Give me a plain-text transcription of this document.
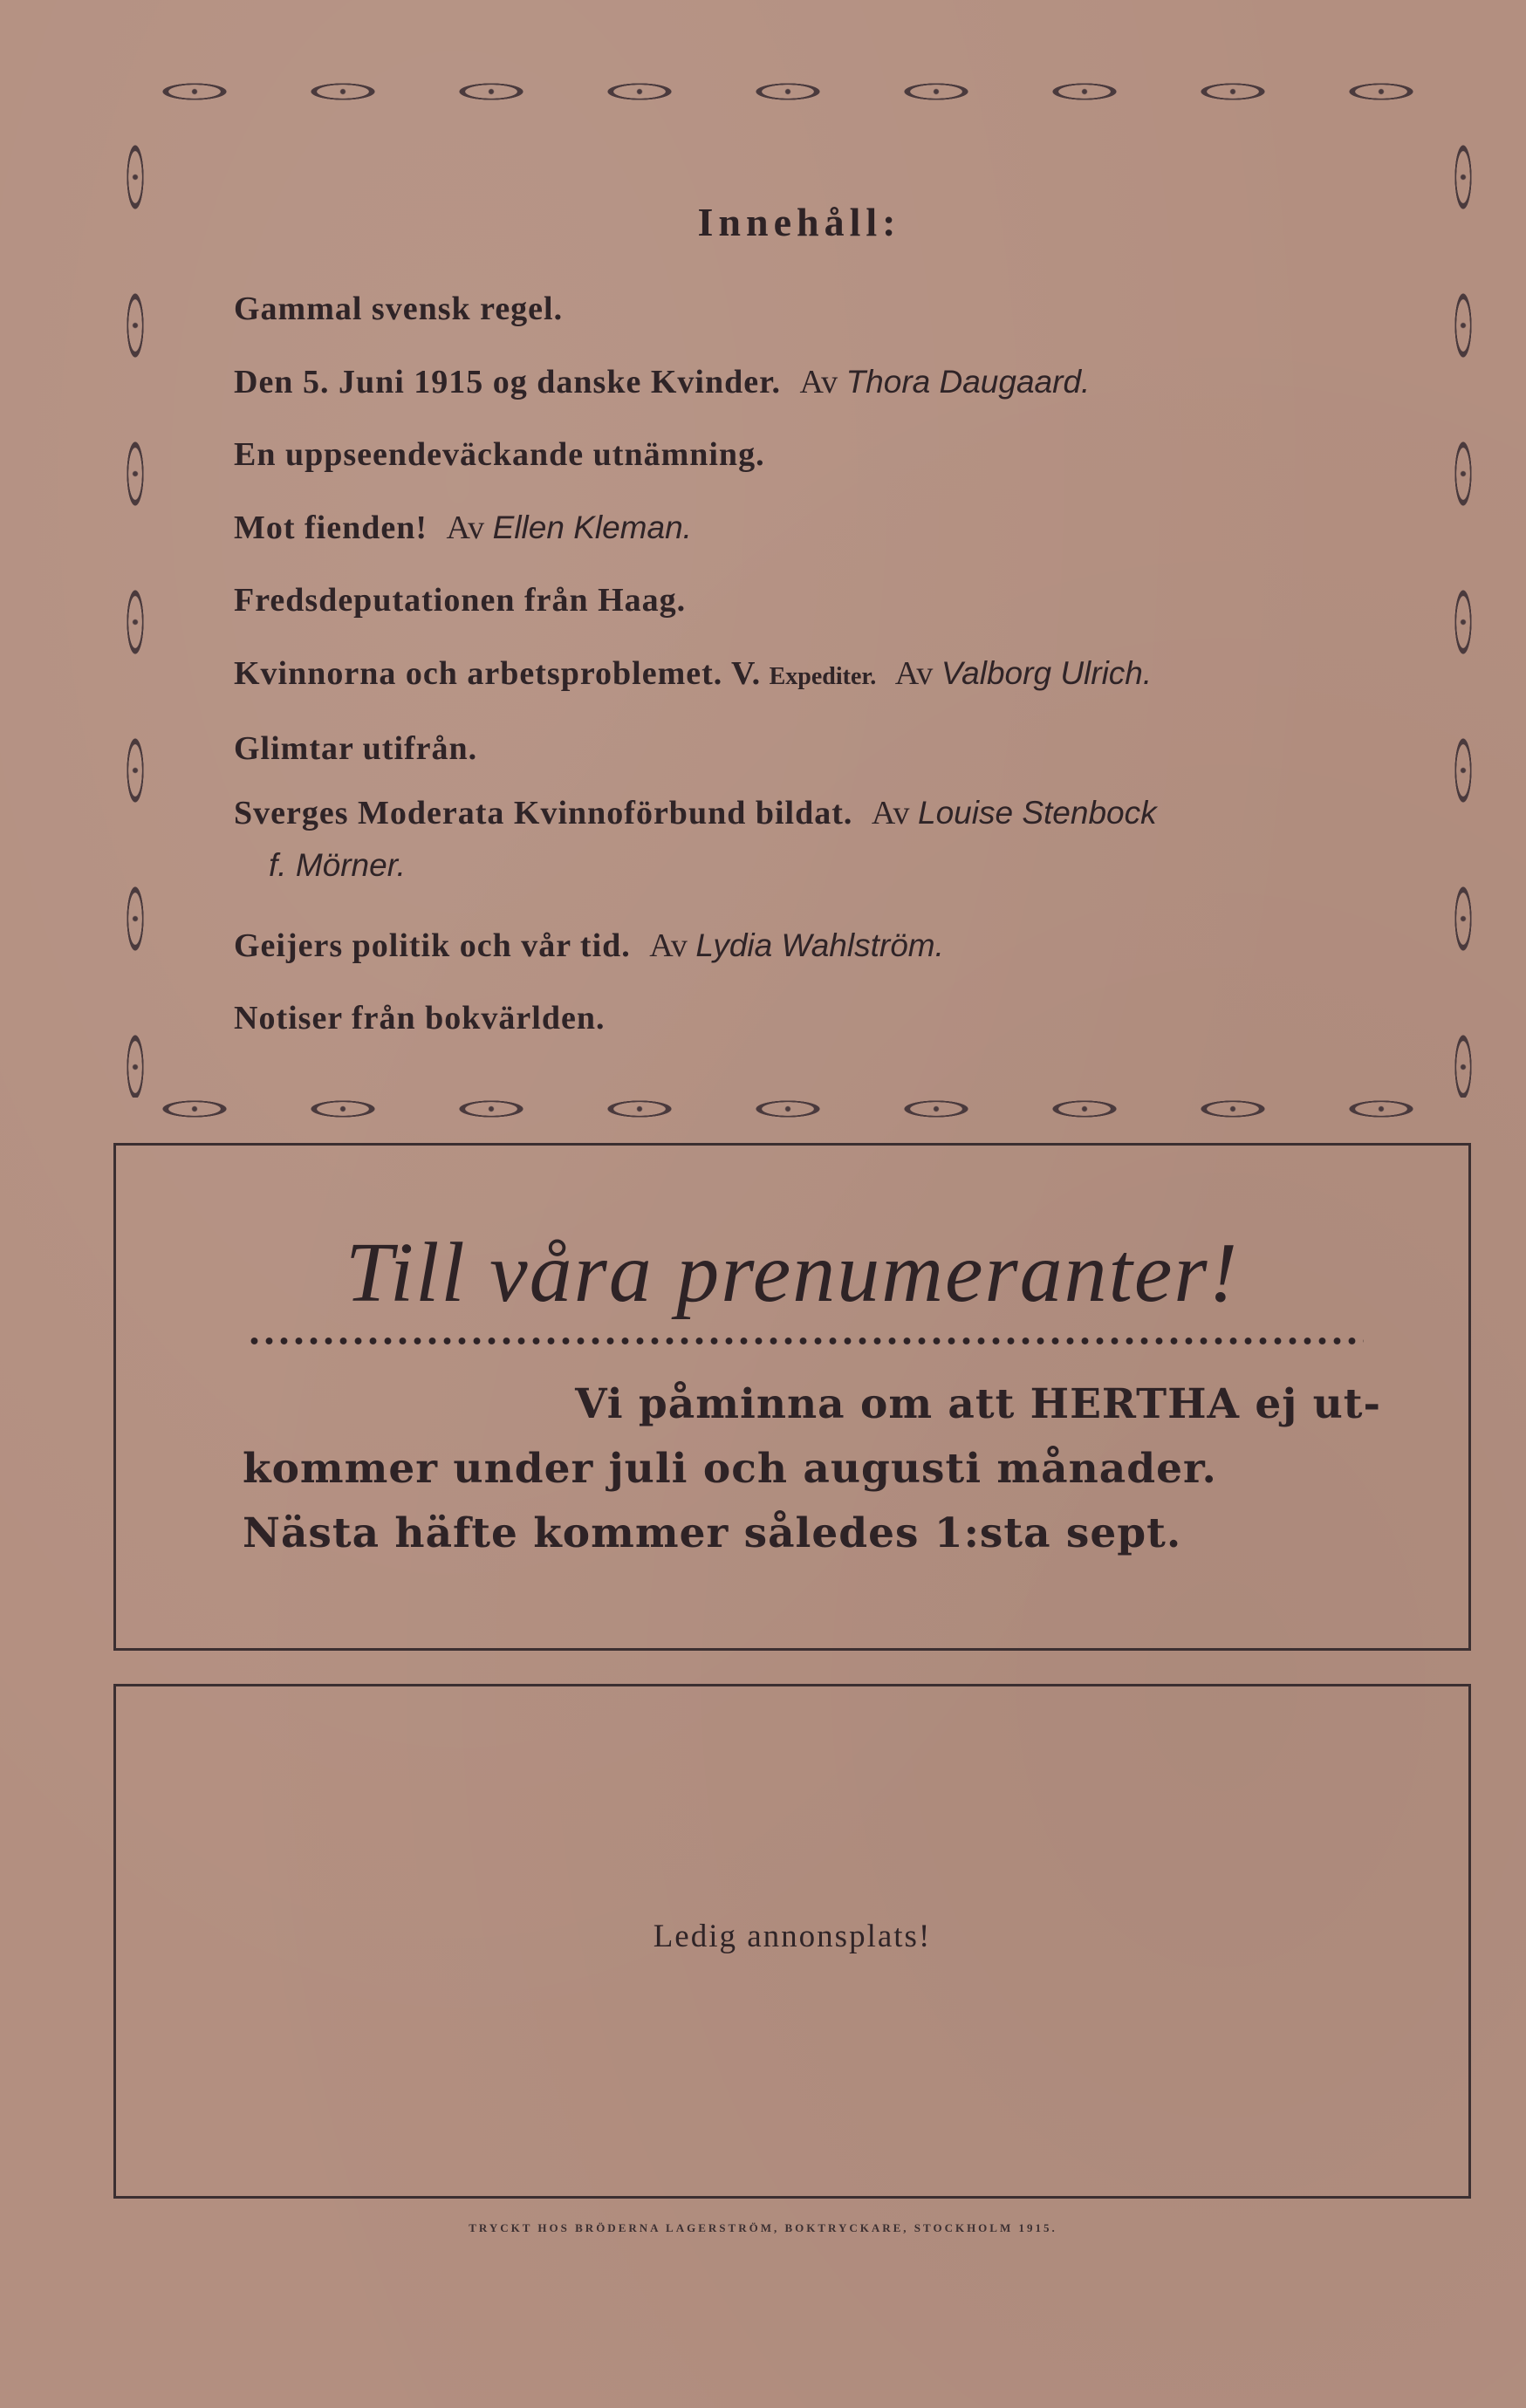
Innehåll:
Gammal svensk regel.
Den 5. Juni 1915 og danske Kvinder. Av Thora Daugaard.
En uppseendeväckande utnämning.
Mot fienden! Av Ellen Kleman.
Fredsdeputationen från Haag.
Kvinnorna och arbetsproblemet. V. Expediter. Av Valborg Ulrich.
Glimtar utifrån.
Sverges Moderata Kvinnoförbund bildat. Av Louise Stenbock
f. Mörner.
Geijers politik och vår tid. Av Lydia Wahlström.
Notiser från bokvärlden.
Till våra prenumeranter!
Vi påminna om att HERTHA ej ut-
kommer under juli och augusti månader.
Nästa häfte kommer således 1:sta sept.
Ledig annonsplats!
TRYCKT HOS BRÖDERNA LAGERSTRÖM, BOKTRYCKARE, STOCKHOLM 1915.
